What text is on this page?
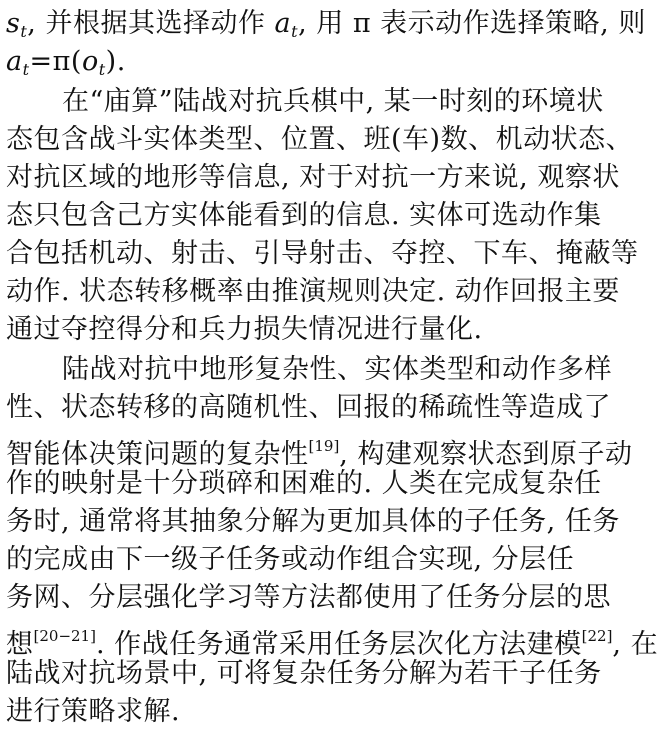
$s_t$, 并根据其选择动作 $a_t$, 用 π 表示动作选择策略, 则
$a_t=\pi(o_t)$.
在“庙算”陆战对抗兵棋中, 某一时刻的环境状
态包含战斗实体类型、位置、班(车)数、机动状态、
对抗区域的地形等信息, 对于对抗一方来说, 观察状
态只包含己方实体能看到的信息. 实体可选动作集
合包括机动、射击、引导射击、夺控、下车、掩蔽等
动作. 状态转移概率由推演规则决定. 动作回报主要
通过夺控得分和兵力损失情况进行量化.
陆战对抗中地形复杂性、实体类型和动作多样
性、状态转移的高随机性、回报的稀疏性等造成了
智能体决策问题的复杂性[19], 构建观察状态到原子动
作的映射是十分琐碎和困难的. 人类在完成复杂任
务时, 通常将其抽象分解为更加具体的子任务, 任务
的完成由下一级子任务或动作组合实现, 分层任
务网、分层强化学习等方法都使用了任务分层的思
想[20−21]. 作战任务通常采用任务层次化方法建模[22], 在
陆战对抗场景中, 可将复杂任务分解为若干子任务
进行策略求解.
